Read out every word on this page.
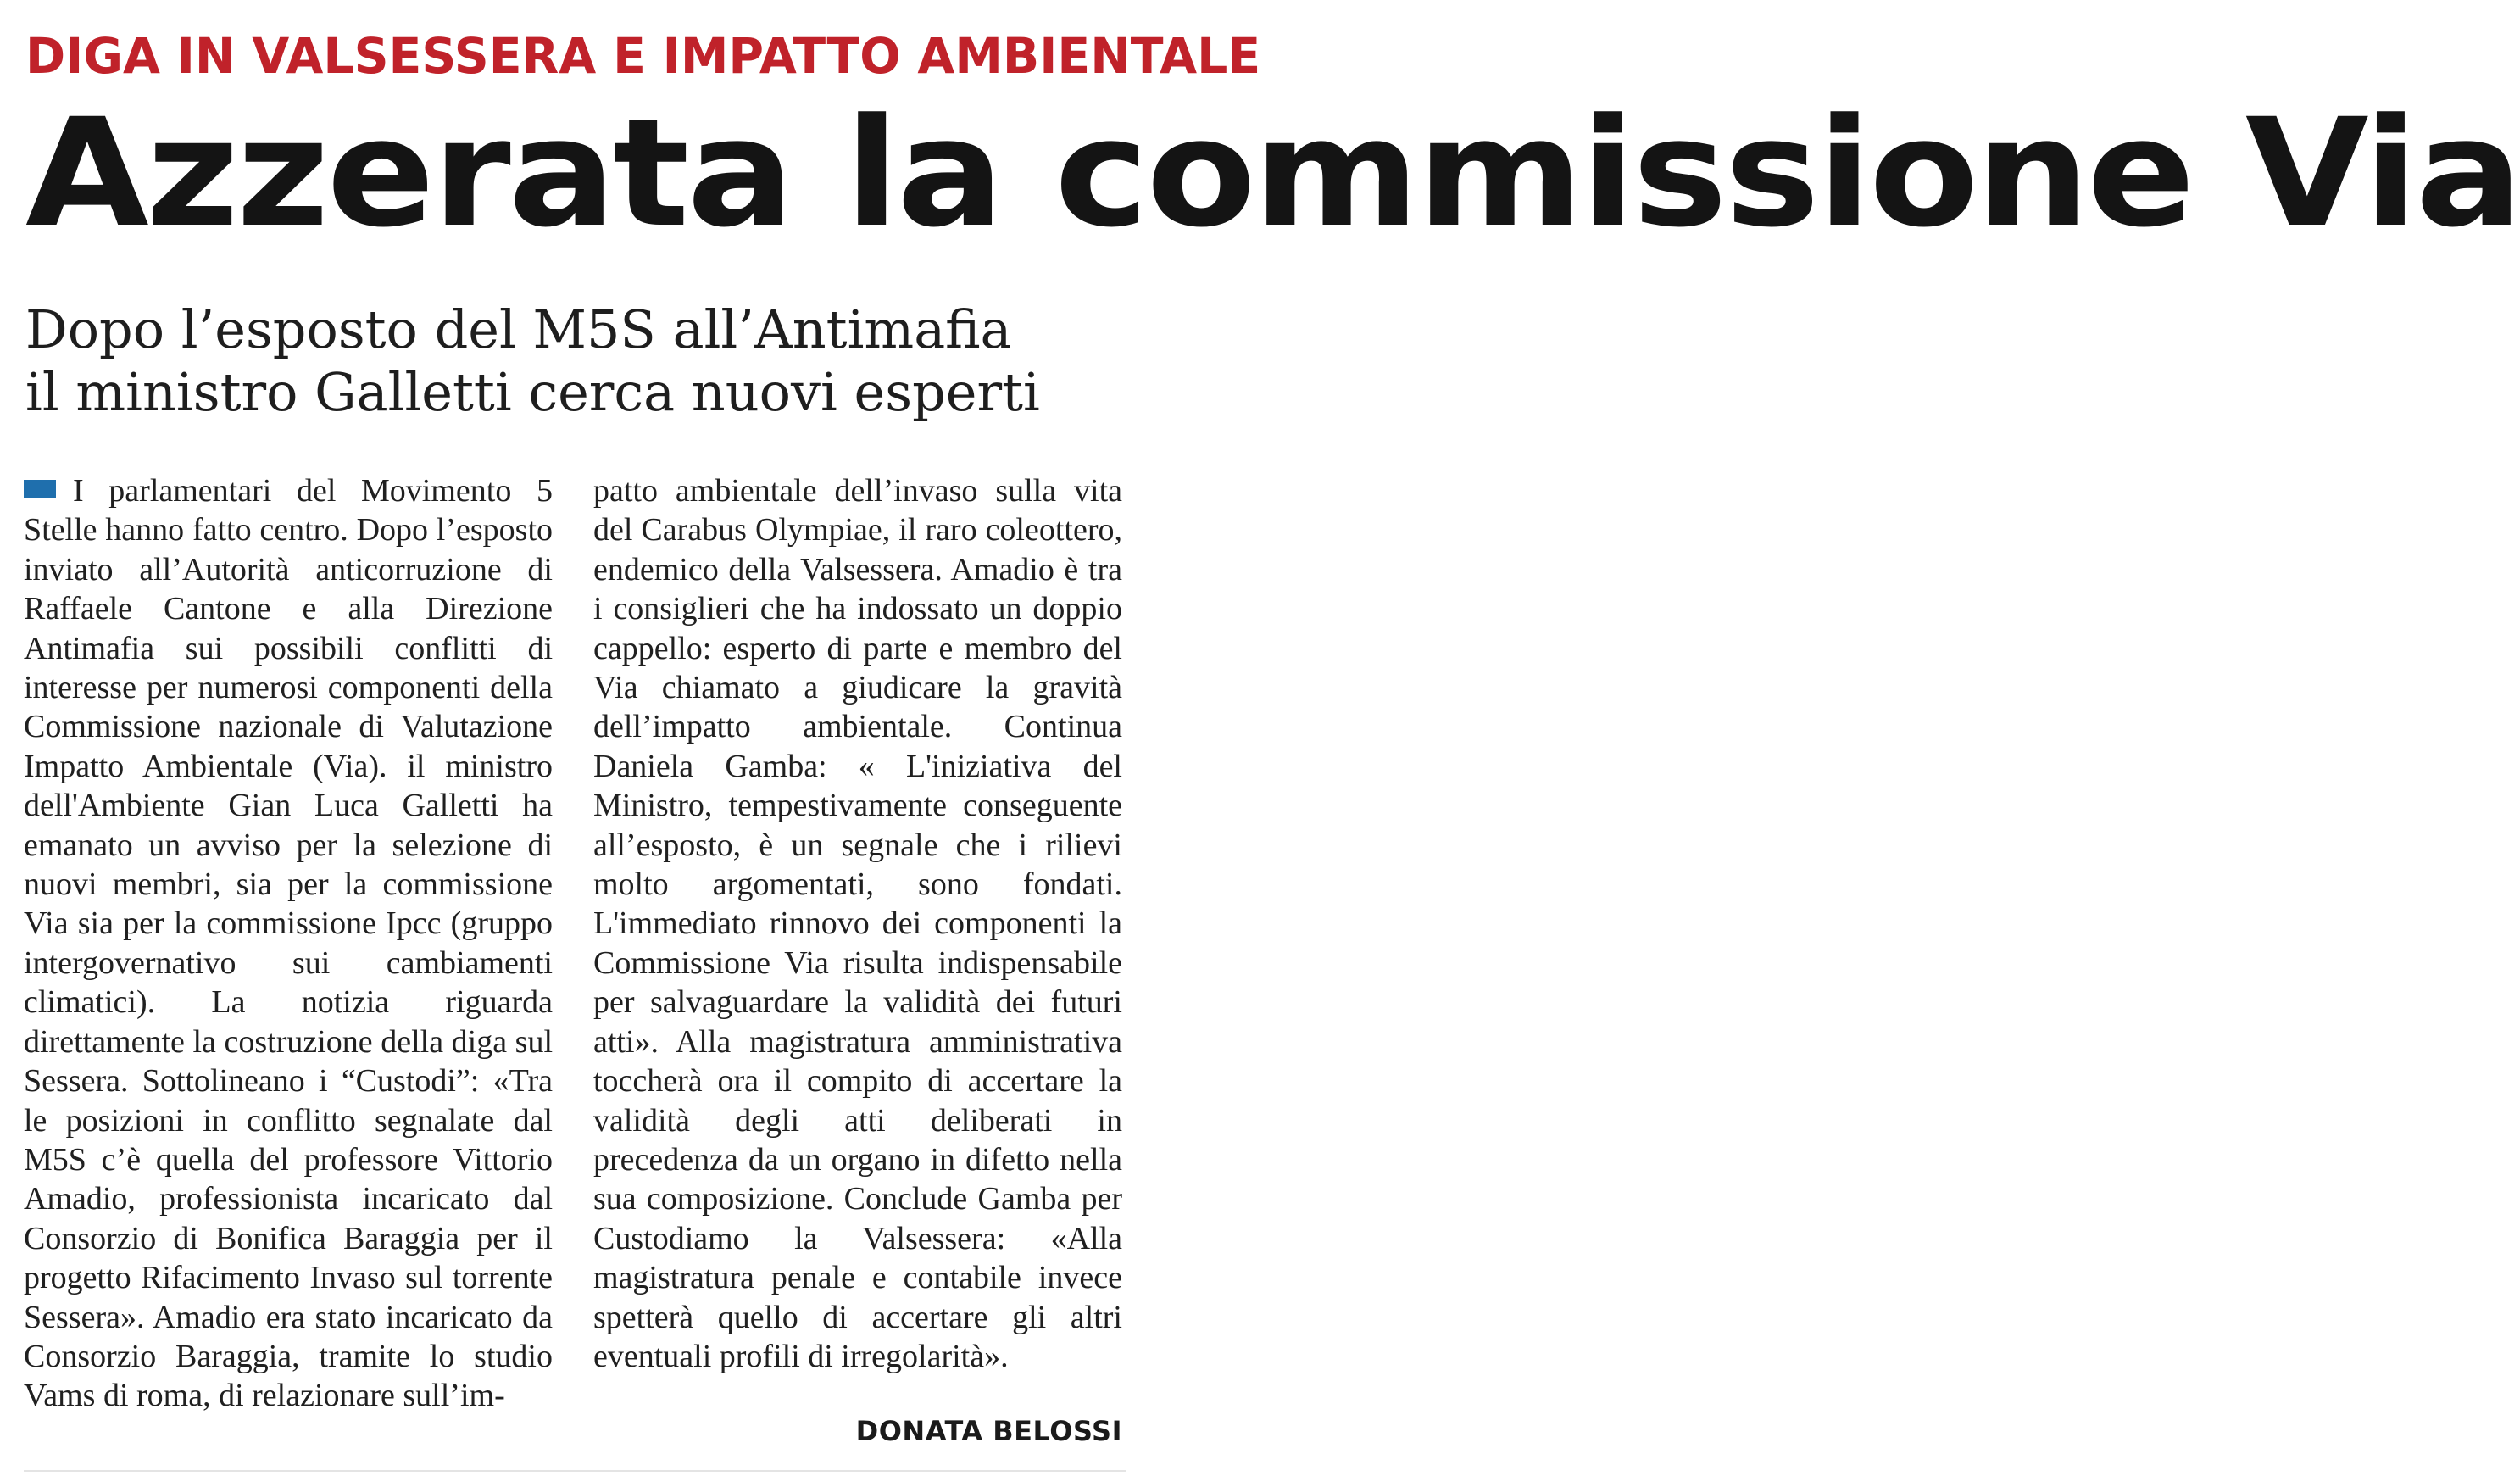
DIGA IN VALSESSERA E IMPATTO AMBIENTALE
Azzerata la commissione Via
Dopo l’esposto del M5S all’Antimafia
il ministro Galletti cerca nuovi esperti
I parlamentari del Movimento 5 Stelle hanno fatto centro. Dopo l’esposto inviato all’Autorità anticorruzione di Raffaele Cantone e alla Direzione Antimafia sui possibili conflitti di interesse per numerosi componenti della Commissione nazionale di Valutazione Impatto Ambientale (Via). il ministro dell'Ambiente Gian Luca Galletti ha emanato un avviso per la selezione di nuovi membri, sia per la commissione Via sia per la commissione Ipcc (gruppo intergovernativo sui cambiamenti climatici). La notizia riguarda direttamente la costruzione della diga sul Sessera. Sottolineano i “Custodi”: «Tra le posizioni in conflitto segnalate dal M5S c’è quella del professore Vittorio Amadio, professionista incaricato dal Consorzio di Bonifica Baraggia per il progetto Rifacimento Invaso sul torrente Sessera». Amadio era stato incaricato da Consorzio Baraggia, tramite lo studio Vams di roma, di relazionare sull’im-
patto ambientale dell’invaso sulla vita del Carabus Olympiae, il raro coleottero, endemico della Valsessera. Amadio è tra i consiglieri che ha indossato un doppio cappello: esperto di parte e membro del Via chiamato a giudicare la gravità dell’impatto ambientale. Continua Daniela Gamba: « L'iniziativa del Ministro, tempestivamente conseguente all’esposto, è un segnale che i rilievi molto argomentati, sono fondati. L'immediato rinnovo dei componenti la Commissione Via risulta indispensabile per salvaguardare la validità dei futuri atti». Alla magistratura amministrativa toccherà ora il compito di accertare la validità degli atti deliberati in precedenza da un organo in difetto nella sua composizione. Conclude Gamba per Custodiamo la Valsessera: «Alla magistratura penale e contabile invece spetterà quello di accertare gli altri eventuali profili di irregolarità».
DONATA BELOSSI
